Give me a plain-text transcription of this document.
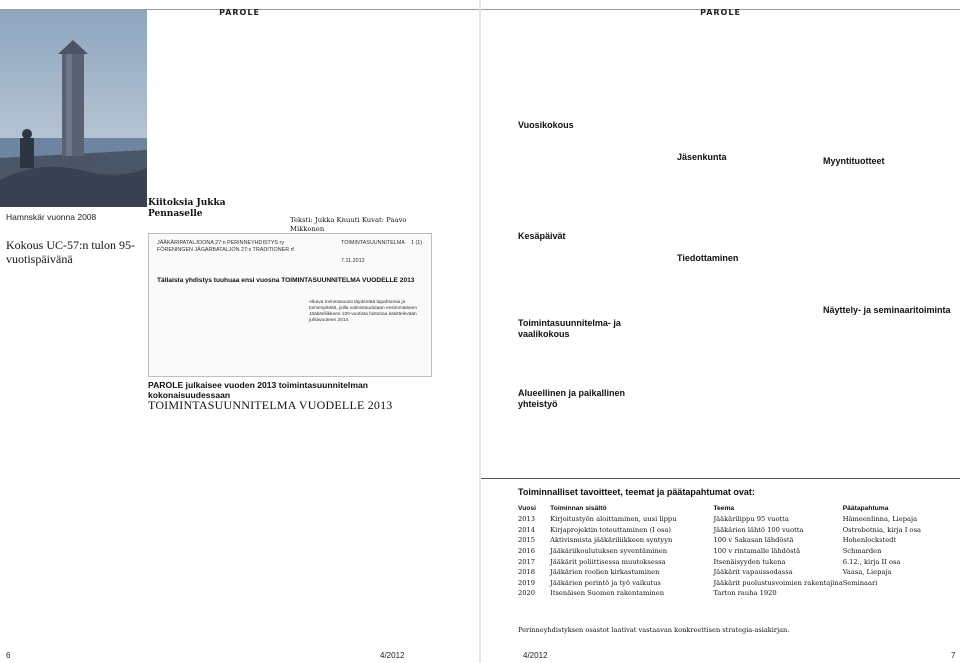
PAROLE
Hamnskär vuonna 2008
Kokous UC-57:n tulon 95-vuotispäivänä
Kiitoksia Jukka Pennaselle
Teksti: Jukka Knuuti Kuvat: Paavo Mikkonen
JÄÄKÄRIPATALJOONA 27:n PERINNEYHDISTYS ry FÖRENINGEN JÄGARBATALJON 27:s TRADITIONER rf
TOIMINTASUUNNITELMA 1 (1)
7.11.2012
Tällaista yhdistys tuuhuaa ensi vuosna TOIMINTASUUNNITELMA VUODELLE 2013
Alkava toimintavuosi täydentää tapahtumia ja toimenpiteitä, joilla valmistaudutaan ensimmäiseen Jääkäriliikkeen 100-vuotista historiaa käsittelevään juhlavuoteen 2014.
PAROLE julkaisee vuoden 2013 toimintasuunnitelman kokonaisuudessaan
TOIMINTASUUNNITELMA VUODELLE 2013
6	4/2012
PAROLE
Vuosikokous
Kesäpäivät
Toimintasuunnitelma- ja vaalikokous
Alueellinen ja paikallinen yhteistyö
Jäsenkunta
Tiedottaminen
Myyntituotteet
Näyttely- ja seminaaritoiminta
Toiminnalliset tavoitteet, teemat ja päätapahtumat ovat:
Vuosi	Toiminnan sisältö	Teema	Päätapahtuma
2013	Kirjoitustyön aloittaminen, uusi lippu	Jääkärilippu 95 vuotta	Hämeenlinna, Liepaja
2014	Kirjaprojektin toteuttaminen (I osa)	Jääkärien lähtö 100 vuotta	Ostrobotnia, kirja I osa
2015	Aktivismista jääkäriliikkeen syntyyn	100 v Sakasan lähdöstä	Hohenlockstedt
2016	Jääkäriikoulutuksen syventäminen	100 v rintamalle lähdöstä	Schmarden
2017	Jääkärit poliittisessa muutoksessa	Itsenäisyyden tukena	6.12., kirja II osa
2018	Jääkärien roolien kirkastuminen	Jääkärit vapaussodassa	Vaasa, Liepaja
2019	Jääkärien perintö ja työ vaikutus	Jääkärit puolustusvoimien rakentajina	Seminaari
2020	Itsenäisen Suomen rakentaminen	Tarton rauha 1920	
Perinneyhdistyksen osastot laativat vastaavan konkreettisen strategia-asiakirjan.
4/2012	7
